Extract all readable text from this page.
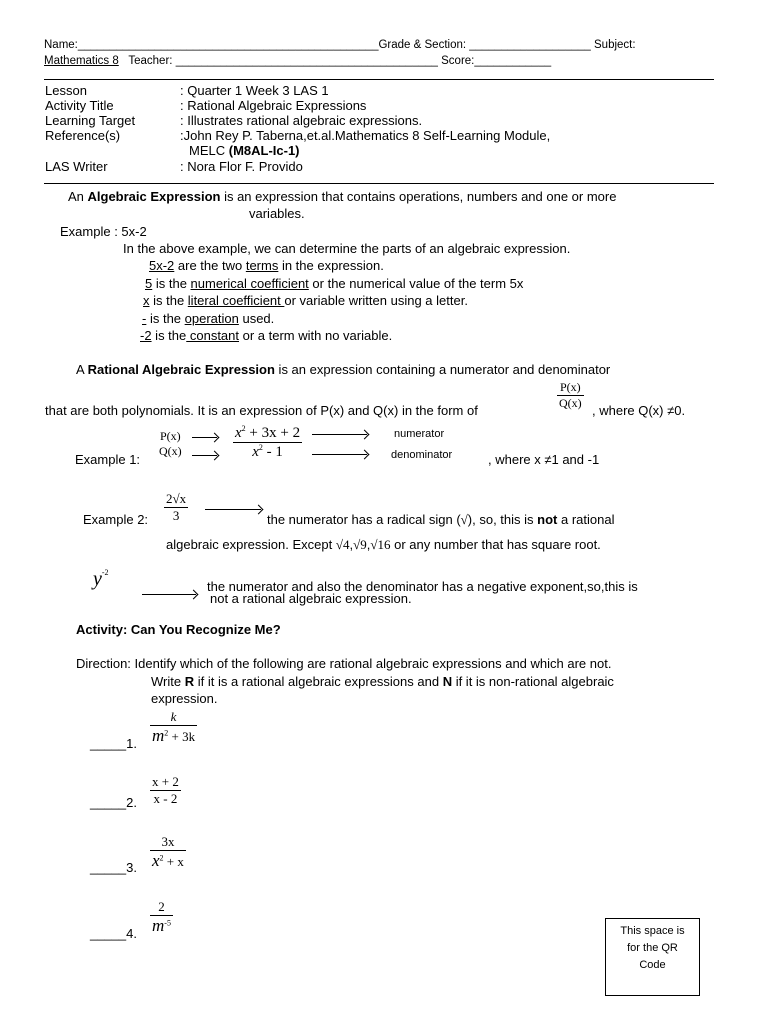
Name:_______________________________________________Grade & Section: ___________________ Subject:
Mathematics 8 Teacher: _________________________________________ Score:____________
Lesson	: Quarter 1 Week 3 LAS 1
Activity Title	: Rational Algebraic Expressions
Learning Target	: Illustrates rational algebraic expressions.
Reference(s)	:John Rey P. Taberna,et.al.Mathematics 8 Self-Learning Module,
MELC (M8AL-Ic-1)
LAS Writer	: Nora Flor F. Provido
An Algebraic Expression is an expression that contains operations, numbers and one or more
variables.
Example : 5x-2
In the above example, we can determine the parts of an algebraic expression.
5x-2 are the two terms in the expression.
5 is the numerical coefficient or the numerical value of the term 5x
x is the literal coefficient or variable written using a letter.
- is the operation used.
-2 is the constant or a term with no variable.
A Rational Algebraic Expression is an expression containing a numerator and denominator
that are both polynomials. It is an expression of P(x) and Q(x) in the form of	$\frac{P(x)}{Q(x)}$ , where Q(x) ≠0.
P(x)
Q(x)	$\frac{x^2 + 3x + 2}{x^2 - 1}$
Example 1:
numerator
denominator	, where x ≠1 and -1
Example 2: $\frac{2√x}{3}$	the numerator has a radical sign (√), so, this is not a rational
algebraic expression. Except √4,√9,√16 or any number that has square root.
$y^{-2}$
the numerator and also the denominator has a negative exponent,so,this is
not a rational algebraic expression.
Activity: Can You Recognize Me?
Direction: Identify which of the following are rational algebraic expressions and which are not.
Write R if it is a rational algebraic expressions and N if it is non-rational algebraic
expression.
_____1. $\frac{k}{m^2 + 3k}$
_____2. $\frac{x + 2}{x - 2}$
_____3. $\frac{3x}{x^2 + x}$
_____4. $\frac{2}{m^{-5}}$	This space is
for the QR
Code
